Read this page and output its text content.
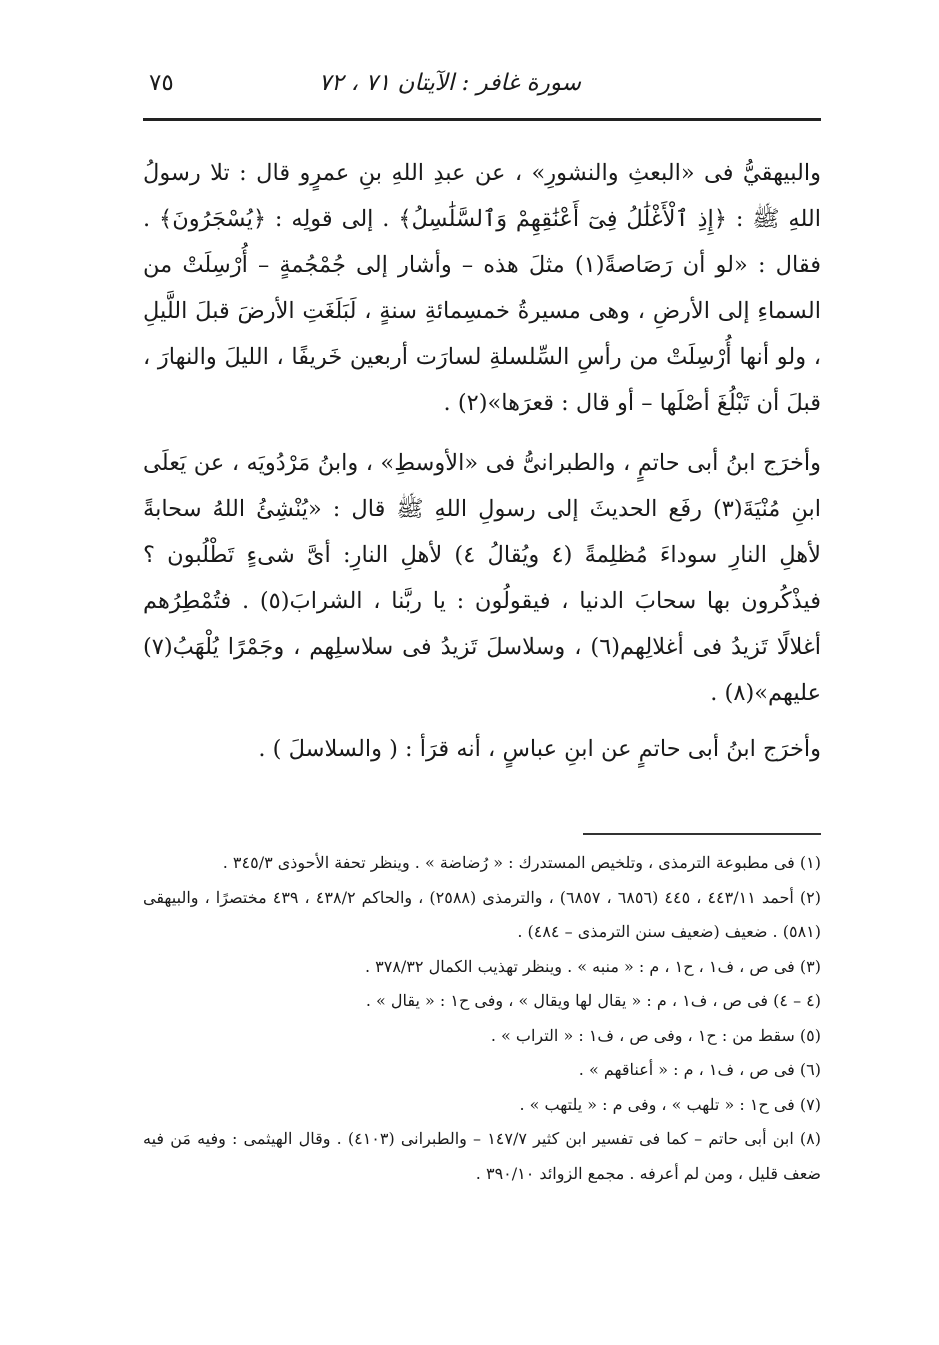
سورة غافر : الآيتان ٧١ ، ٧٢
٧٥

والبيهقيُّ فى «البعثِ والنشورِ» ، عن عبدِ اللهِ بنِ عمرٍو قال : تلا رسولُ اللهِ ﷺ : ﴿إِذِ ٱلْأَغْلَٰلُ فِىٓ أَعْنَٰقِهِمْ وَٱلسَّلَٰسِلُ﴾ . إلى قولِه : ﴿يُسْجَرُونَ﴾ . فقال : «لو أن رَصَاصةً(١) مثلَ هذه – وأشار إلى جُمْجُمةٍ – أُرْسِلَتْ من السماءِ إلى الأرضِ ، وهى مسيرةُ خمسِمائةِ سنةٍ ، لَبَلَغَتِ الأرضَ قبلَ اللَّيلِ ، ولو أنها أُرْسِلَتْ من رأسِ السِّلسلةِ لسارَت أربعين خَريفًا ، الليلَ والنهارَ ، قبلَ أن تَبْلُغَ أصْلَها – أو قال : قعرَها»(٢) .

وأخرَج ابنُ أبى حاتمٍ ، والطبرانىُّ فى «الأوسطِ» ، وابنُ مَرْدُويَه ، عن يَعلَى ابنِ مُنْيَةَ(٣) رفَع الحديثَ إلى رسولِ اللهِ ﷺ قال : «يُنْشِئُ اللهُ سحابةً لأهلِ النارِ سوداءَ مُظلِمةً (٤ ويُقالُ ٤) لأهلِ النارِ: أىَّ شىءٍ تَطْلُبون ؟ فيذْكُرون بها سحابَ الدنيا ، فيقولُون : يا ربَّنا ، الشرابَ(٥) . فتُمْطِرُهم أغلالًا تَزيدُ فى أغلالِهم(٦) ، وسلاسلَ تَزيدُ فى سلاسلِهم ، وجَمْرًا يُلْهَبُ(٧) عليهم»(٨) .

وأخرَج ابنُ أبى حاتمٍ عن ابنِ عباسٍ ، أنه قرَأ : ( والسلاسلَ ) .

(١) فى مطبوعة الترمذى ، وتلخيص المستدرك : « رُضاضة » . وينظر تحفة الأحوذى ٣٤٥/٣ .

(٢) أحمد ٤٤٣/١١ ، ٤٤٥ (٦٨٥٦ ، ٦٨٥٧) ، والترمذى (٢٥٨٨) ، والحاكم ٤٣٨/٢ ، ٤٣٩ مختصرًا ، والبيهقى (٥٨١) . ضعيف (ضعيف سنن الترمذى – ٤٨٤) .

(٣) فى ص ، ف١ ، ح١ ، م : « منبه » . وينظر تهذيب الكمال ٣٧٨/٣٢ .

(٤ – ٤) فى ص ، ف١ ، م : « يقال لها ويقال » ، وفى ح١ : « يقال » .

(٥) سقط من : ح١ ، وفى ص ، ف١ : « التراب » .

(٦) فى ص ، ف١ ، م : « أعناقهم » .

(٧) فى ح١ : « تلهب » ، وفى م : « يلتهب » .

(٨) ابن أبى حاتم – كما فى تفسير ابن كثير ١٤٧/٧ – والطبرانى (٤١٠٣) . وقال الهيثمى : وفيه مَن فيه ضعف قليل ، ومن لم أعرفه . مجمع الزوائد ٣٩٠/١٠ .
